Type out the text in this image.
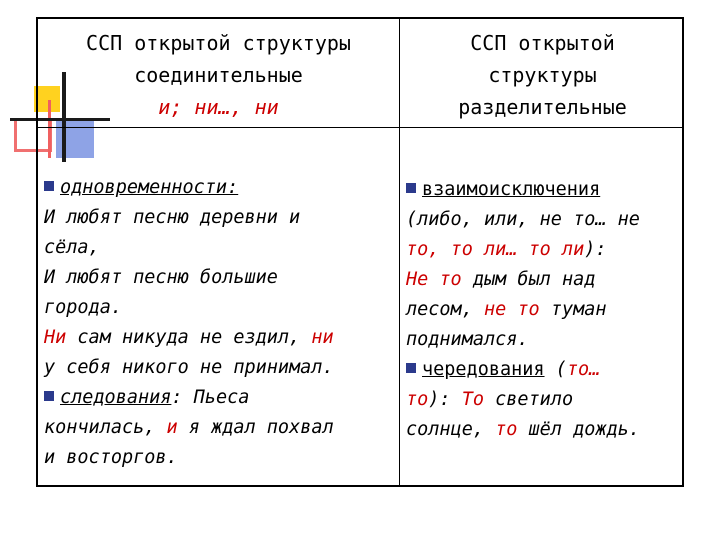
ССП открытой структуры
соединительные
и; ни…, ни
ССП открытой
структуры
разделительные
одновременности:
И любят песню деревни и
сёла,
И любят песню большие
города.
Ни сам никуда не ездил, ни
у себя никого не принимал.
следования: Пьеса
кончилась, и я ждал похвал
и восторгов.
взаимоисключения
(либо, или, не то… не
то, то ли… то ли):
Не то дым был над
лесом, не то туман
поднимался.
чередования (то…
то): То светило
солнце, то шёл дождь.
